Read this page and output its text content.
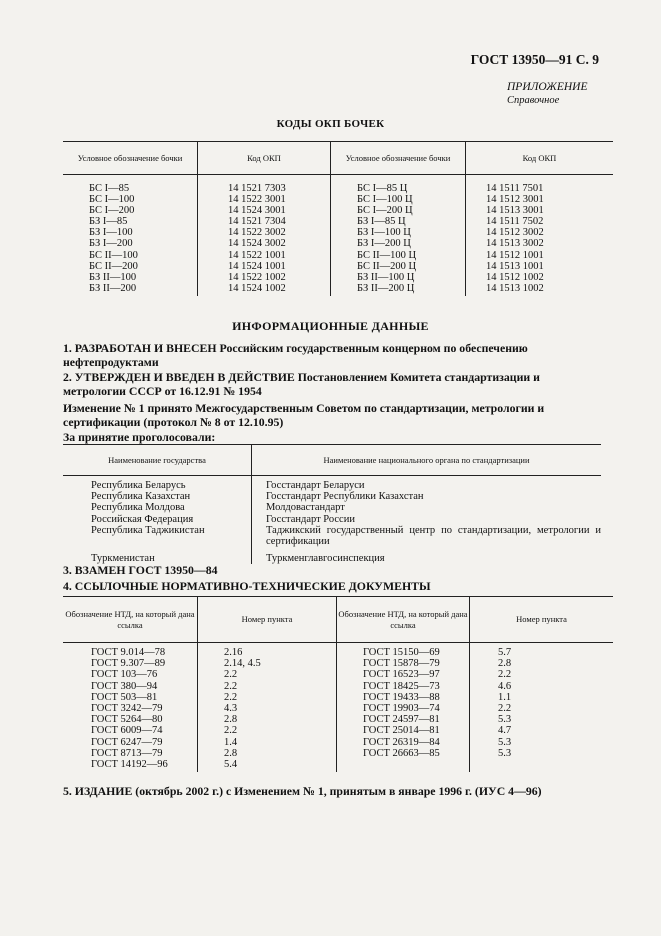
ГОСТ 13950—91 С. 9
ПРИЛОЖЕНИЕ
Справочное
КОДЫ ОКП БОЧЕК
Условное обозначение бочки	Код ОКП	Условное обозначение бочки	Код ОКП
БС I—85	14 1521 7303	БС I—85 Ц	14 1511 7501
БС I—100	14 1522 3001	БС I—100 Ц	14 1512 3001
БС I—200	14 1524 3001	БС I—200 Ц	14 1513 3001
БЗ I—85	14 1521 7304	БЗ I—85 Ц	14 1511 7502
БЗ I—100	14 1522 3002	БЗ I—100 Ц	14 1512 3002
БЗ I—200	14 1524 3002	БЗ I—200 Ц	14 1513 3002
БС II—100	14 1522 1001	БС II—100 Ц	14 1512 1001
БС II—200	14 1524 1001	БС II—200 Ц	14 1513 1001
БЗ II—100	14 1522 1002	БЗ II—100 Ц	14 1512 1002
БЗ II—200	14 1524 1002	БЗ II—200 Ц	14 1513 1002
ИНФОРМАЦИОННЫЕ ДАННЫЕ
1. РАЗРАБОТАН И ВНЕСЕН Российским государственным концерном по обеспечению нефтепродуктами
2. УТВЕРЖДЕН И ВВЕДЕН В ДЕЙСТВИЕ Постановлением Комитета стандартизации и метрологии СССР от 16.12.91 № 1954
Изменение № 1 принято Межгосударственным Советом по стандартизации, метрологии и сертификации (протокол № 8 от 12.10.95)
За принятие проголосовали:
Наименование государства	Наименование национального органа по стандартизации
Республика Беларусь	Госстандарт Беларуси
Республика Казахстан	Госстандарт Республики Казахстан
Республика Молдова	Молдовастандарт
Российская Федерация	Госстандарт России
Республика Таджикистан	Таджикский государственный центр по стандартизации, метрологии и сертификации
Туркменистан	Туркменглавгосинспекция
3. ВЗАМЕН ГОСТ 13950—84
4. ССЫЛОЧНЫЕ НОРМАТИВНО-ТЕХНИЧЕСКИЕ ДОКУМЕНТЫ
Обозначение НТД, на который дана ссылка	Номер пункта	Обозначение НТД, на который дана ссылка	Номер пункта
ГОСТ 9.014—78	2.16	ГОСТ 15150—69	5.7
ГОСТ 9.307—89	2.14, 4.5	ГОСТ 15878—79	2.8
ГОСТ 103—76	2.2	ГОСТ 16523—97	2.2
ГОСТ 380—94	2.2	ГОСТ 18425—73	4.6
ГОСТ 503—81	2.2	ГОСТ 19433—88	1.1
ГОСТ 3242—79	4.3	ГОСТ 19903—74	2.2
ГОСТ 5264—80	2.8	ГОСТ 24597—81	5.3
ГОСТ 6009—74	2.2	ГОСТ 25014—81	4.7
ГОСТ 6247—79	1.4	ГОСТ 26319—84	5.3
ГОСТ 8713—79	2.8	ГОСТ 26663—85	5.3
ГОСТ 14192—96	5.4		
5. ИЗДАНИЕ (октябрь 2002 г.) с Изменением № 1, принятым в январе 1996 г. (ИУС 4—96)
